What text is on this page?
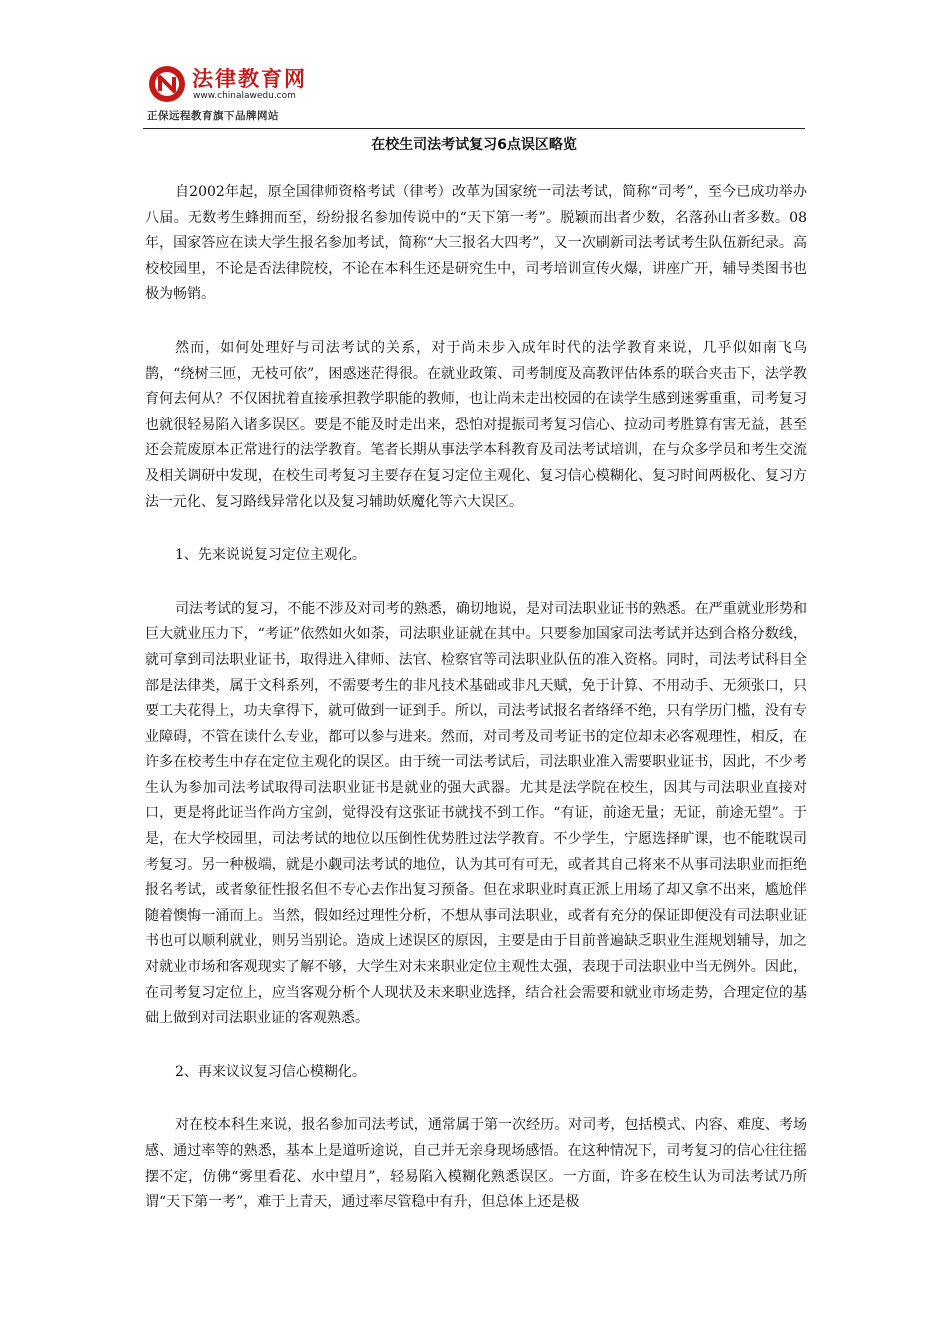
法律教育网
www.chinalawedu.com
正保远程教育旗下品牌网站
在校生司法考试复习6点误区略览

自2002年起，原全国律师资格考试（律考）改革为国家统一司法考试，简称“司考”，至今已成功举办八届。无数考生蜂拥而至，纷纷报名参加传说中的“天下第一考”。脱颖而出者少数，名落孙山者多数。08年，国家答应在读大学生报名参加考试，简称“大三报名大四考”，又一次刷新司法考试考生队伍新纪录。高校校园里，不论是否法律院校，不论在本科生还是研究生中，司考培训宣传火爆，讲座广开，辅导类图书也极为畅销。

然而，如何处理好与司法考试的关系，对于尚未步入成年时代的法学教育来说，几乎似如南飞乌鹊，“绕树三匝，无枝可依”，困惑迷茫得很。在就业政策、司考制度及高教评估体系的联合夹击下，法学教育何去何从？不仅困扰着直接承担教学职能的教师，也让尚未走出校园的在读学生感到迷雾重重，司考复习也就很轻易陷入诸多误区。要是不能及时走出来，恐怕对提振司考复习信心、拉动司考胜算有害无益，甚至还会荒废原本正常进行的法学教育。笔者长期从事法学本科教育及司法考试培训，在与众多学员和考生交流及相关调研中发现，在校生司考复习主要存在复习定位主观化、复习信心模糊化、复习时间两极化、复习方法一元化、复习路线异常化以及复习辅助妖魔化等六大误区。

1、先来说说复习定位主观化。

司法考试的复习，不能不涉及对司考的熟悉，确切地说，是对司法职业证书的熟悉。在严重就业形势和巨大就业压力下，“考证”依然如火如荼，司法职业证就在其中。只要参加国家司法考试并达到合格分数线，就可拿到司法职业证书，取得进入律师、法官、检察官等司法职业队伍的准入资格。同时，司法考试科目全部是法律类，属于文科系列，不需要考生的非凡技术基础或非凡天赋，免于计算、不用动手、无须张口，只要工夫花得上，功夫拿得下，就可做到一证到手。所以，司法考试报名者络绎不绝，只有学历门槛，没有专业障碍，不管在读什么专业，都可以参与进来。然而，对司考及司考证书的定位却未必客观理性，相反，在许多在校考生中存在定位主观化的误区。由于统一司法考试后，司法职业准入需要职业证书，因此，不少考生认为参加司法考试取得司法职业证书是就业的强大武器。尤其是法学院在校生，因其与司法职业直接对口，更是将此证当作尚方宝剑，觉得没有这张证书就找不到工作。“有证，前途无量；无证，前途无望”。于是，在大学校园里，司法考试的地位以压倒性优势胜过法学教育。不少学生，宁愿选择旷课，也不能耽误司考复习。另一种极端，就是小觑司法考试的地位，认为其可有可无，或者其自己将来不从事司法职业而拒绝报名考试，或者象征性报名但不专心去作出复习预备。但在求职业时真正派上用场了却又拿不出来，尴尬伴随着懊悔一涌而上。当然，假如经过理性分析，不想从事司法职业，或者有充分的保证即便没有司法职业证书也可以顺利就业，则另当别论。造成上述误区的原因，主要是由于目前普遍缺乏职业生涯规划辅导，加之对就业市场和客观现实了解不够，大学生对未来职业定位主观性太强，表现于司法职业中当无例外。因此，在司考复习定位上，应当客观分析个人现状及未来职业选择，结合社会需要和就业市场走势，合理定位的基础上做到对司法职业证的客观熟悉。

2、再来议议复习信心模糊化。

对在校本科生来说，报名参加司法考试，通常属于第一次经历。对司考，包括模式、内容、难度、考场感、通过率等的熟悉，基本上是道听途说，自己并无亲身现场感悟。在这种情况下，司考复习的信心往往摇摆不定，仿佛“雾里看花、水中望月”，轻易陷入模糊化熟悉误区。一方面，许多在校生认为司法考试乃所谓“天下第一考”，难于上青天，通过率尽管稳中有升，但总体上还是极
